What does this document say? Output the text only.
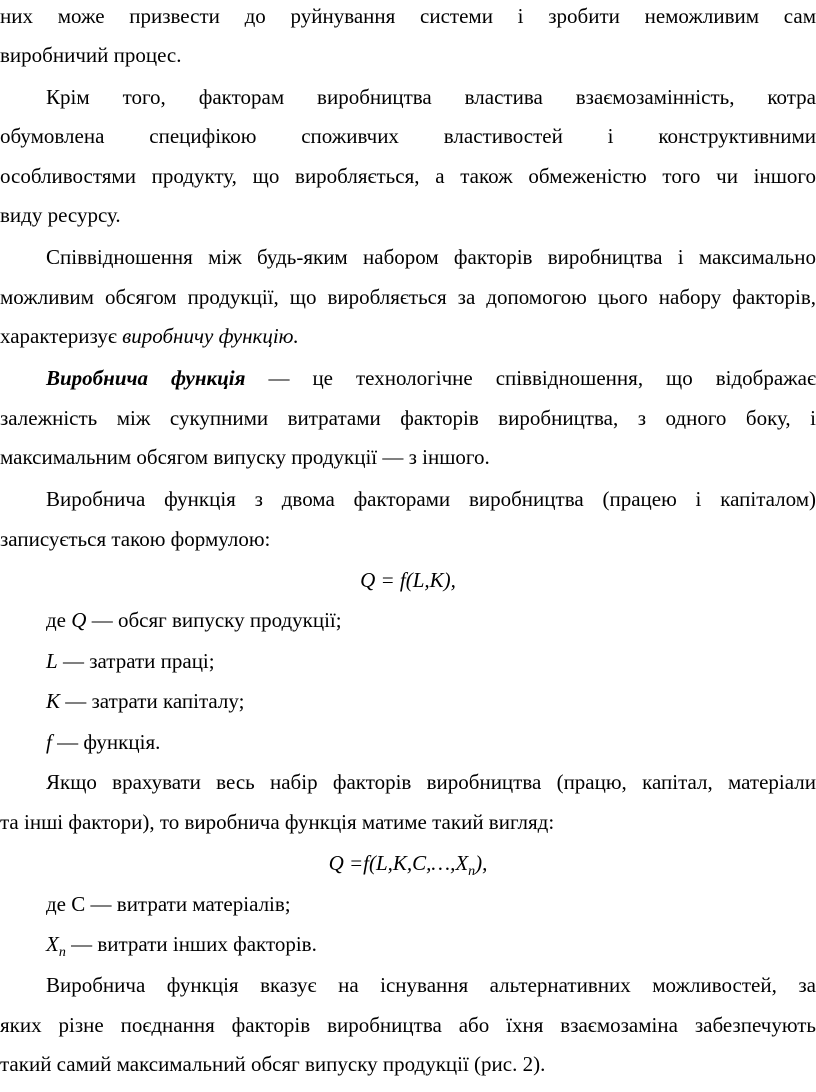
них може призвести до руйнування системи і зробити неможливим сам
виробничий процес.
Крім того, факторам виробництва властива взаємозамінність, котра
обумовлена специфікою споживчих властивостей і конструктивними
особливостями продукту, що виробляється, а також обмеженістю того чи іншого
виду ресурсу.
Співвідношення між будь-яким набором факторів виробництва і максимально
можливим обсягом продукції, що виробляється за допомогою цього набору факторів,
характеризує виробничу функцію.
Виробнича функція — це технологічне співвідношення, що відображає
залежність між сукупними витратами факторів виробництва, з одного боку, і
максимальним обсягом випуску продукції — з іншого.
Виробнича функція з двома факторами виробництва (працею і капіталом)
записується такою формулою:
Q = f(L,K),
де Q — обсяг випуску продукції;
L — затрати праці;
K — затрати капіталу;
f — функція.
Якщо врахувати весь набір факторів виробництва (працю, капітал, матеріали
та інші фактори), то виробнича функція матиме такий вигляд:
$Q =f(L,K,C,\dots,X_n)$,
де С — витрати матеріалів;
$X_n$ — витрати інших факторів.
Виробнича функція вказує на існування альтернативних можливостей, за
яких різне поєднання факторів виробництва або їхня взаємозаміна забезпечують
такий самий максимальний обсяг випуску продукції (рис. 2).
